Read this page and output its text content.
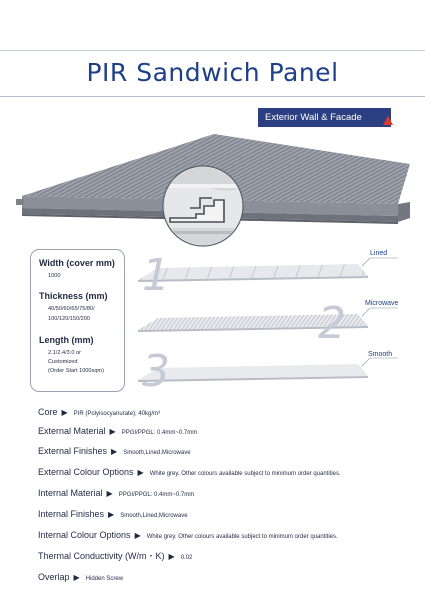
PIR Sandwich Panel
Exterior Wall & Facade
Width (cover mm)
1000
Thickness (mm)
40/50/60/65/75/80/
100/120/150/200
Length (mm)
2.1/2.4/3.0 or
Customized
(Order Start 1000sqm)
1
2
3
Lined
Microwave
Smooth
Core ▶ PIR (Polyisocyanurate); 40kg/m³
External Material ▶ PPGI/PPGL: 0.4mm~0.7mm
External Finishes ▶ Smooth,Lined,Microwave
External Colour Options ▶ White grey. Other colours available subject to minimum order quantities.
Internal Material ▶ PPGI/PPGL: 0.4mm~0.7mm
Internal Finishes ▶ Smooth,Lined,Microwave
Internal Colour Options ▶ White grey. Other colours available subject to minimum order quantities.
Thermal Conductivity (W/m・K) ▶ 0.02
Overlap ▶ Hidden Screw
